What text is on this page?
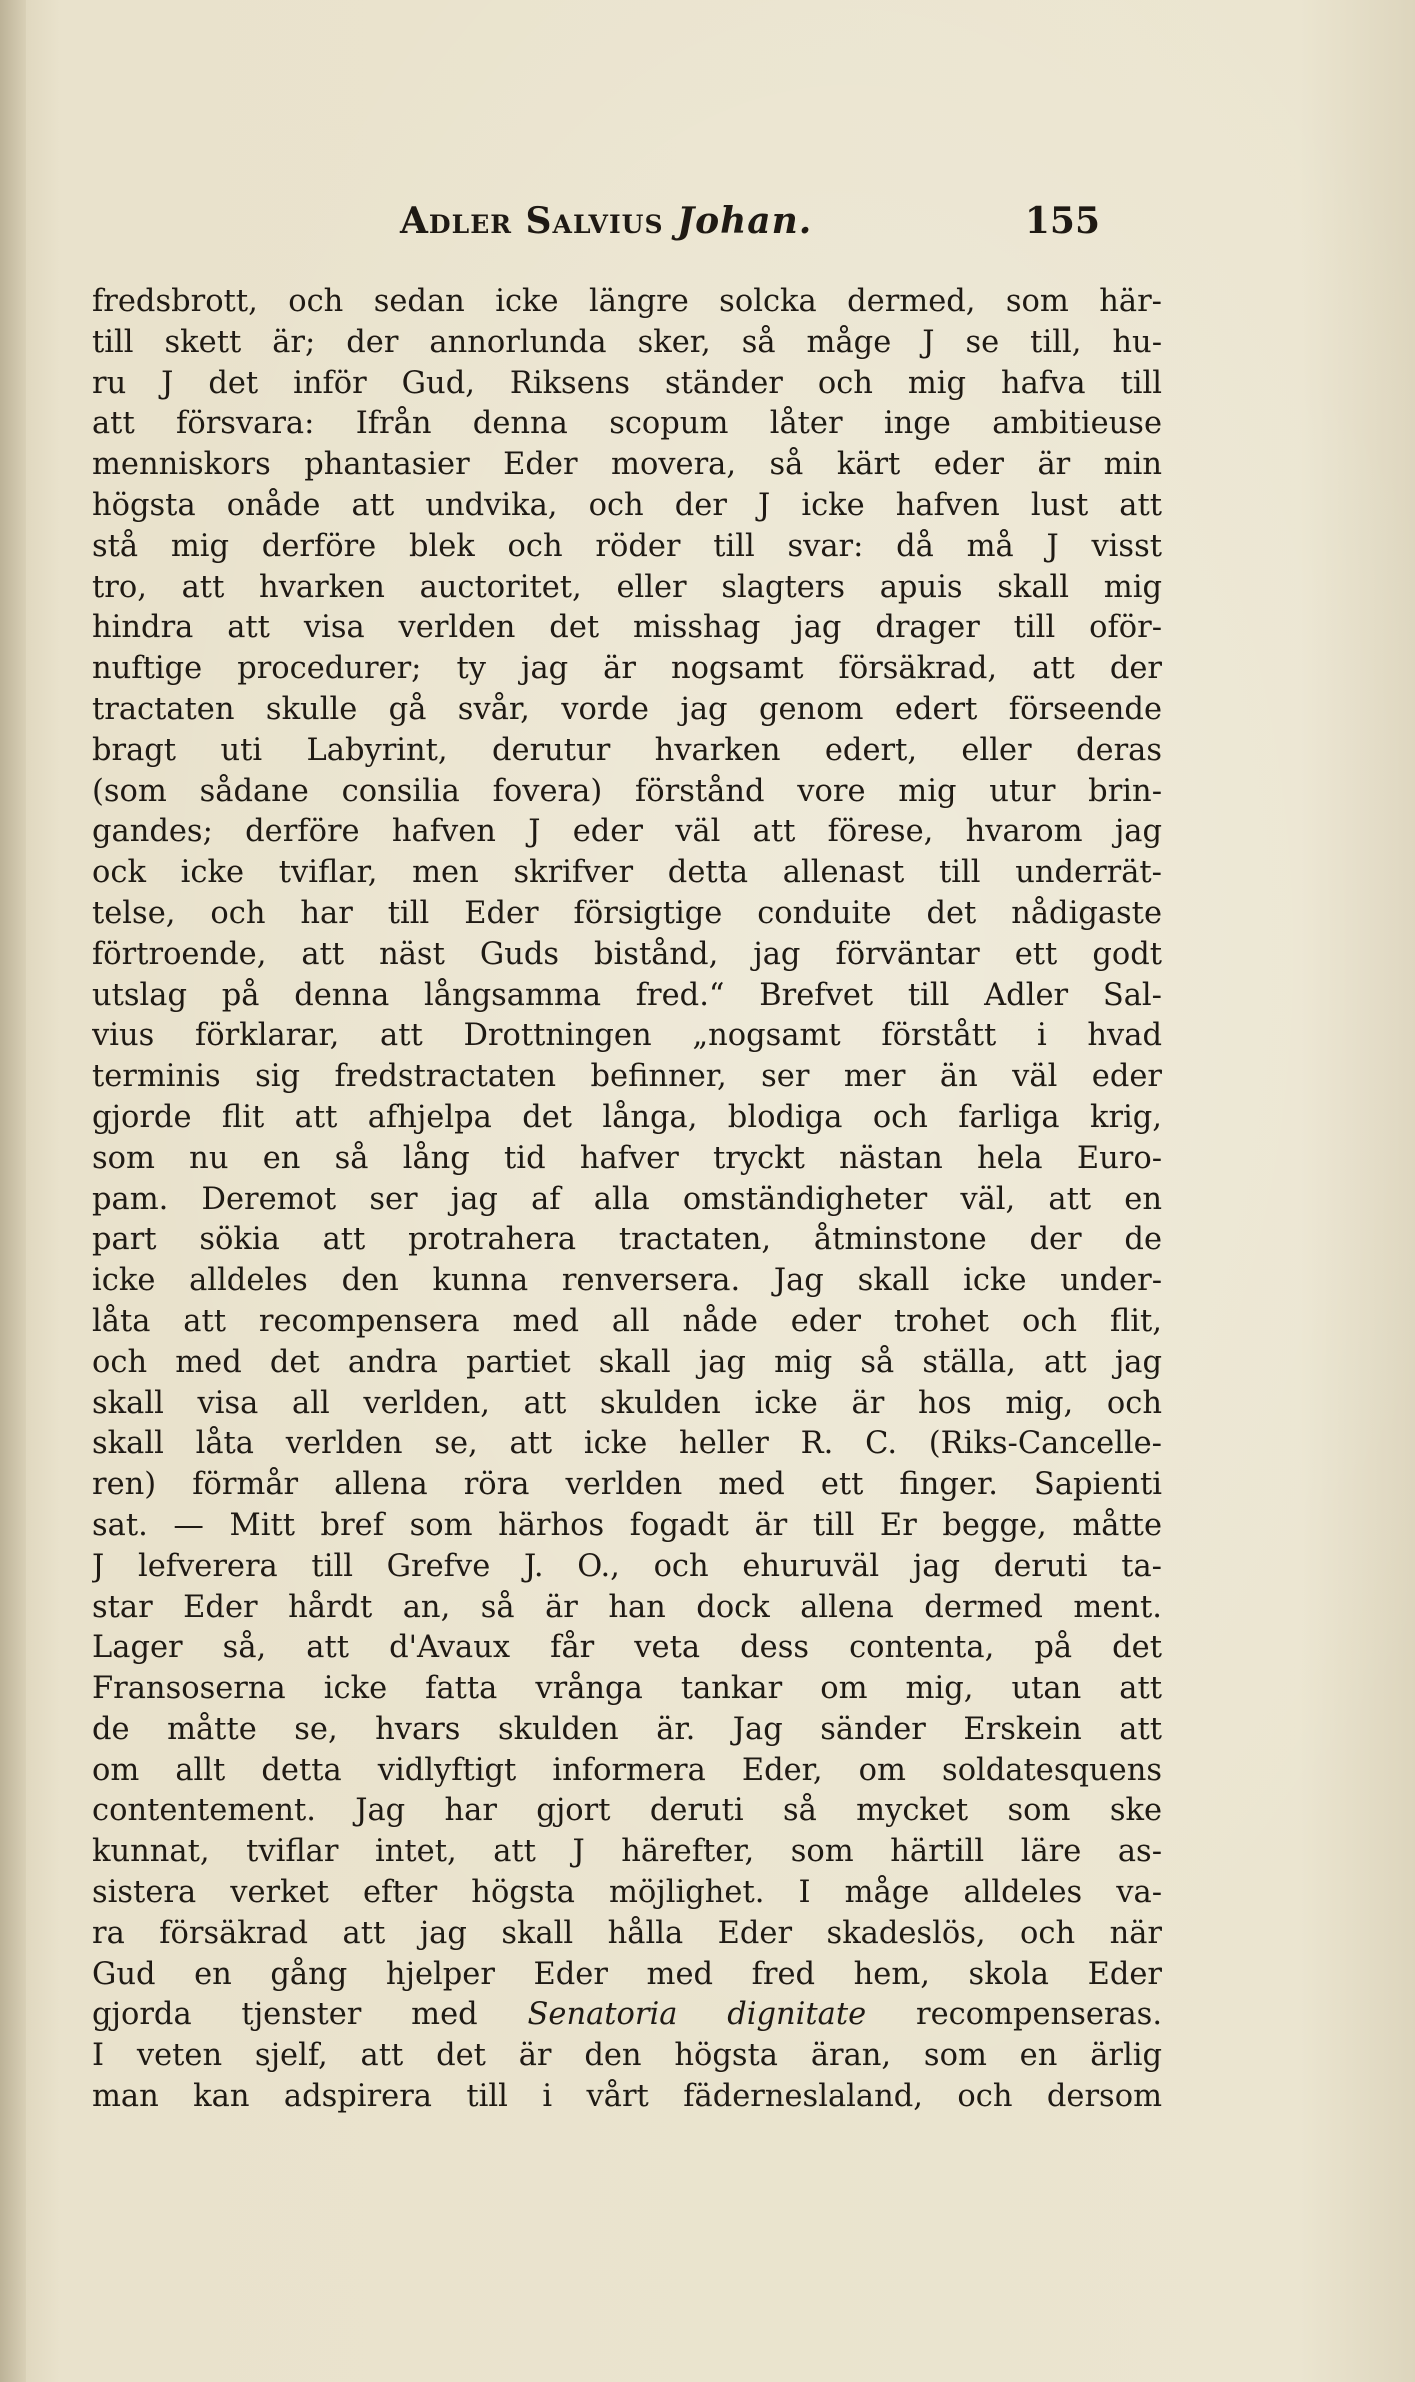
Adler Salvius Johan.	155
fredsbrott, och sedan icke längre solcka dermed, som här-
till skett är; der annorlunda sker, så måge J se till, hu-
ru J det inför Gud, Riksens ständer och mig hafva till
att försvara: Ifrån denna scopum låter inge ambitieuse
menniskors phantasier Eder movera, så kärt eder är min
högsta onåde att undvika, och der J icke hafven lust att
stå mig derföre blek och röder till svar: då må J visst
tro, att hvarken auctoritet, eller slagters apuis skall mig
hindra att visa verlden det misshag jag drager till oför-
nuftige procedurer; ty jag är nogsamt försäkrad, att der
tractaten skulle gå svår, vorde jag genom edert förseende
bragt uti Labyrint, derutur hvarken edert, eller deras
(som sådane consilia fovera) förstånd vore mig utur brin-
gandes; derföre hafven J eder väl att förese, hvarom jag
ock icke tviflar, men skrifver detta allenast till underrät-
telse, och har till Eder försigtige conduite det nådigaste
förtroende, att näst Guds bistånd, jag förväntar ett godt
utslag på denna långsamma fred.“ Brefvet till Adler Sal-
vius förklarar, att Drottningen „nogsamt förstått i hvad
terminis sig fredstractaten befinner, ser mer än väl eder
gjorde flit att afhjelpa det långa, blodiga och farliga krig,
som nu en så lång tid hafver tryckt nästan hela Euro-
pam. Deremot ser jag af alla omständigheter väl, att en
part sökia att protrahera tractaten, åtminstone der de
icke alldeles den kunna renversera. Jag skall icke under-
låta att recompensera med all nåde eder trohet och flit,
och med det andra partiet skall jag mig så ställa, att jag
skall visa all verlden, att skulden icke är hos mig, och
skall låta verlden se, att icke heller R. C. (Riks-Cancelle-
ren) förmår allena röra verlden med ett finger. Sapienti
sat. — Mitt bref som härhos fogadt är till Er begge, måtte
J lefverera till Grefve J. O., och ehuruväl jag deruti ta-
star Eder hårdt an, så är han dock allena dermed ment.
Lager så, att d'Avaux får veta dess contenta, på det
Fransoserna icke fatta vrånga tankar om mig, utan att
de måtte se, hvars skulden är. Jag sänder Erskein att
om allt detta vidlyftigt informera Eder, om soldatesquens
contentement. Jag har gjort deruti så mycket som ske
kunnat, tviflar intet, att J härefter, som härtill läre as-
sistera verket efter högsta möjlighet. I måge alldeles va-
ra försäkrad att jag skall hålla Eder skadeslös, och när
Gud en gång hjelper Eder med fred hem, skola Eder
gjorda tjenster med Senatoria dignitate recompenseras.
I veten sjelf, att det är den högsta äran, som en ärlig
man kan adspirera till i vårt fäderneslaland, och dersom
